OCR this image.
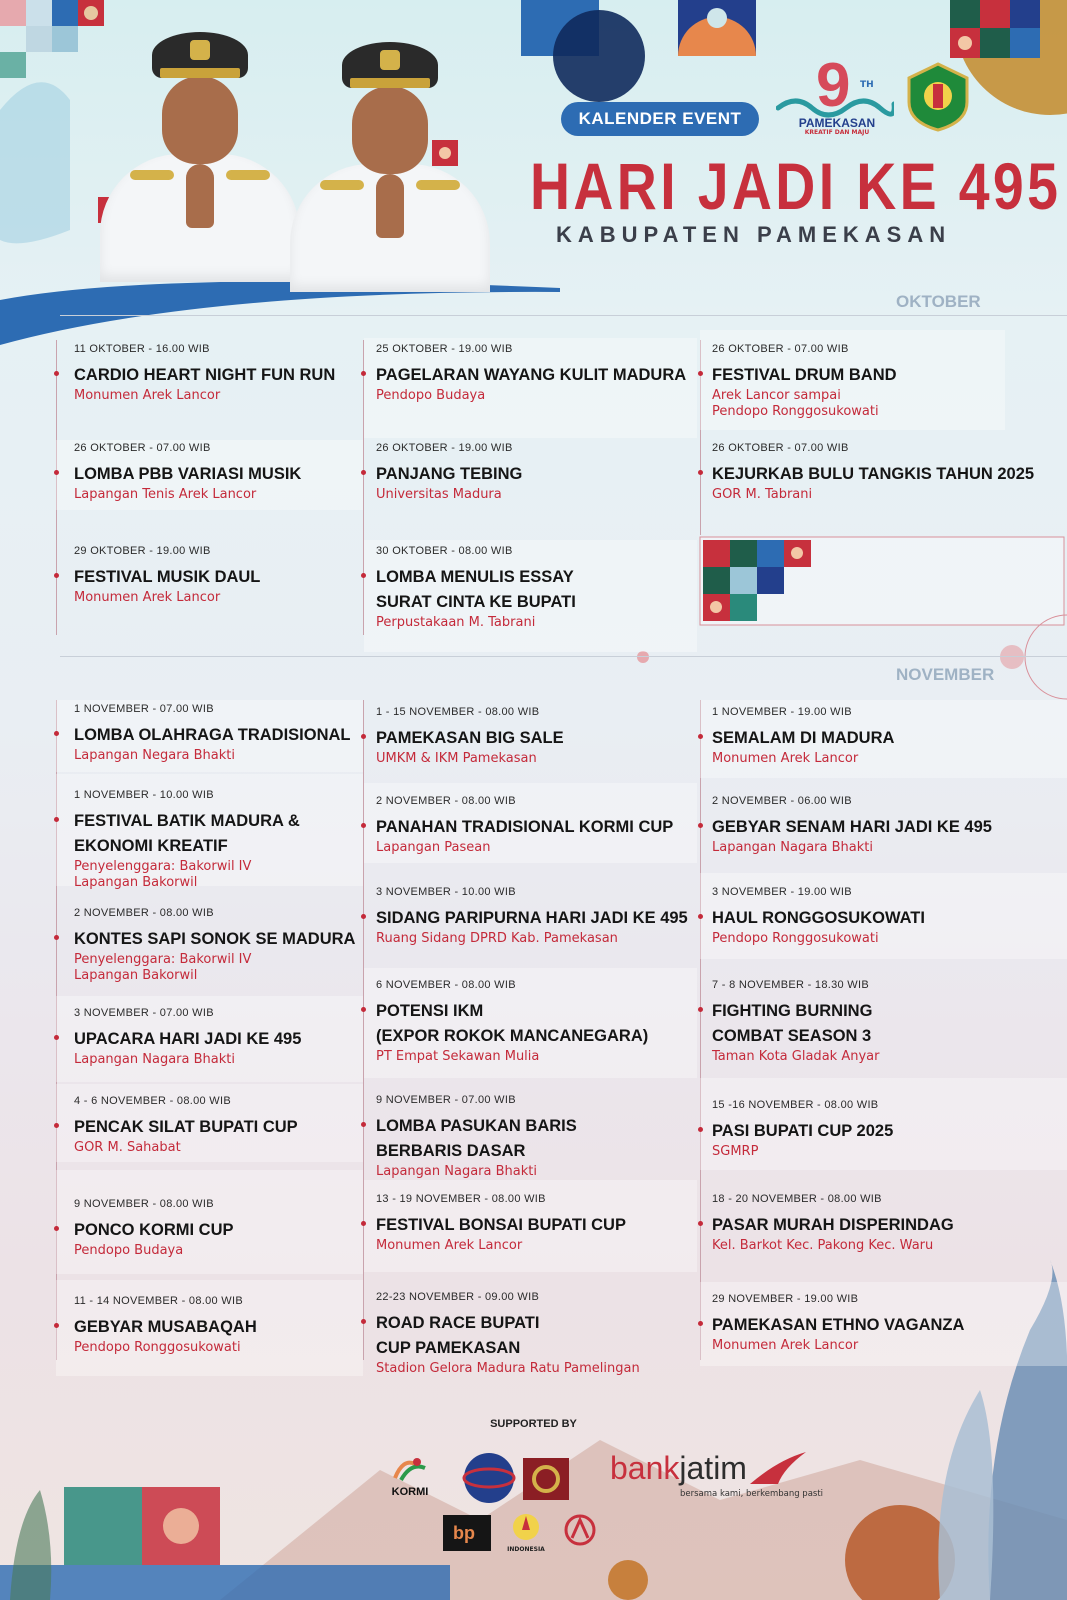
KALENDER EVENT
HARI JADI KE 495
KABUPATEN PAMEKASAN
9 TH
PAMEKASAN
KREATIF DAN MAJU
OKTOBER
NOVEMBER
11 OKTOBER - 16.00 WIB
CARDIO HEART NIGHT FUN RUN
Monumen Arek Lancor
25 OKTOBER - 19.00 WIB
PAGELARAN WAYANG KULIT MADURA
Pendopo Budaya
26 OKTOBER - 07.00 WIB
FESTIVAL DRUM BAND
Arek Lancor sampai
Pendopo Ronggosukowati
26 OKTOBER - 07.00 WIB
LOMBA PBB VARIASI MUSIK
Lapangan Tenis Arek Lancor
26 OKTOBER - 19.00 WIB
PANJANG TEBING
Universitas Madura
26 OKTOBER - 07.00 WIB
KEJURKAB BULU TANGKIS TAHUN 2025
GOR M. Tabrani
29 OKTOBER - 19.00 WIB
FESTIVAL MUSIK DAUL
Monumen Arek Lancor
30 OKTOBER - 08.00 WIB
LOMBA MENULIS ESSAY
SURAT CINTA KE BUPATI
Perpustakaan M. Tabrani
1 NOVEMBER - 07.00 WIB
LOMBA OLAHRAGA TRADISIONAL
Lapangan Negara Bhakti
1 NOVEMBER - 10.00 WIB
FESTIVAL BATIK MADURA &
EKONOMI KREATIF
Penyelenggara: Bakorwil IV
Lapangan Bakorwil
2 NOVEMBER - 08.00 WIB
KONTES SAPI SONOK SE MADURA
Penyelenggara: Bakorwil IV
Lapangan Bakorwil
3 NOVEMBER - 07.00 WIB
UPACARA HARI JADI KE 495
Lapangan Nagara Bhakti
4 - 6 NOVEMBER - 08.00 WIB
PENCAK SILAT BUPATI CUP
GOR M. Sahabat
9 NOVEMBER - 08.00 WIB
PONCO KORMI CUP
Pendopo Budaya
11 - 14 NOVEMBER - 08.00 WIB
GEBYAR MUSABAQAH
Pendopo Ronggosukowati
1 - 15 NOVEMBER - 08.00 WIB
PAMEKASAN BIG SALE
UMKM & IKM Pamekasan
2 NOVEMBER - 08.00 WIB
PANAHAN TRADISIONAL KORMI CUP
Lapangan Pasean
3 NOVEMBER - 10.00 WIB
SIDANG PARIPURNA HARI JADI KE 495
Ruang Sidang DPRD Kab. Pamekasan
6 NOVEMBER - 08.00 WIB
POTENSI IKM
(EXPOR ROKOK MANCANEGARA)
PT Empat Sekawan Mulia
9 NOVEMBER - 07.00 WIB
LOMBA PASUKAN BARIS
BERBARIS DASAR
Lapangan Nagara Bhakti
13 - 19 NOVEMBER - 08.00 WIB
FESTIVAL BONSAI BUPATI CUP
Monumen Arek Lancor
22-23 NOVEMBER - 09.00 WIB
ROAD RACE BUPATI
CUP PAMEKASAN
Stadion Gelora Madura Ratu Pamelingan
1 NOVEMBER - 19.00 WIB
SEMALAM DI MADURA
Monumen Arek Lancor
2 NOVEMBER - 06.00 WIB
GEBYAR SENAM HARI JADI KE 495
Lapangan Nagara Bhakti
3 NOVEMBER - 19.00 WIB
HAUL RONGGOSUKOWATI
Pendopo Ronggosukowati
7 - 8 NOVEMBER - 18.30 WIB
FIGHTING BURNING
COMBAT SEASON 3
Taman Kota Gladak Anyar
15 -16 NOVEMBER - 08.00 WIB
PASI BUPATI CUP 2025
SGMRP
18 - 20 NOVEMBER - 08.00 WIB
PASAR MURAH DISPERINDAG
Kel. Barkot Kec. Pakong Kec. Waru
29 NOVEMBER - 19.00 WIB
PAMEKASAN ETHNO VAGANZA
Monumen Arek Lancor
SUPPORTED BY
KORMI
bankjatim
bersama kami, berkembang pasti
bp
INDONESIA
